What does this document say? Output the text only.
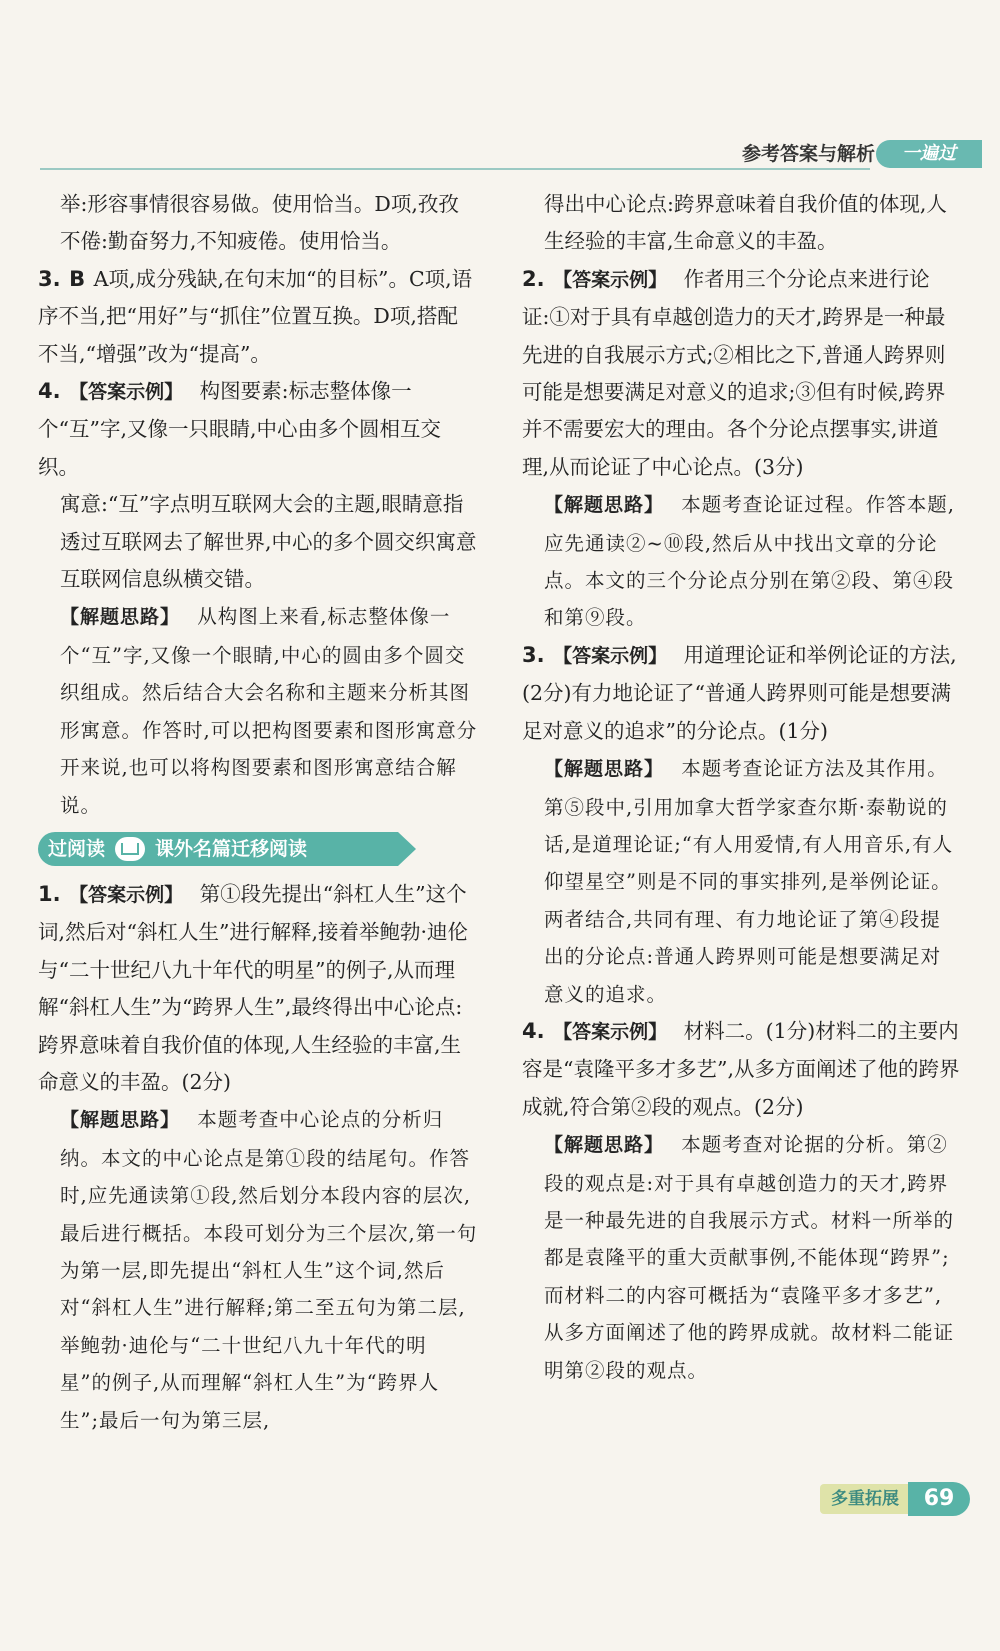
参考答案与解析	一遍过

举:形容事情很容易做。使用恰当。D项,孜孜不倦:勤奋努力,不知疲倦。使用恰当。

3. B A项,成分残缺,在句末加“的目标”。C项,语序不当,把“用好”与“抓住”位置互换。D项,搭配不当,“增强”改为“提高”。

4. 【答案示例】 构图要素:标志整体像一个“互”字,又像一只眼睛,中心由多个圆相互交织。

寓意:“互”字点明互联网大会的主题,眼睛意指透过互联网去了解世界,中心的多个圆交织寓意互联网信息纵横交错。

【解题思路】 从构图上来看,标志整体像一个“互”字,又像一个眼睛,中心的圆由多个圆交织组成。然后结合大会名称和主题来分析其图形寓意。作答时,可以把构图要素和图形寓意分开来说,也可以将构图要素和图形寓意结合解说。

过阅读	课外名篇迁移阅读

1. 【答案示例】 第①段先提出“斜杠人生”这个词,然后对“斜杠人生”进行解释,接着举鲍勃·迪伦与“二十世纪八九十年代的明星”的例子,从而理解“斜杠人生”为“跨界人生”,最终得出中心论点:跨界意味着自我价值的体现,人生经验的丰富,生命意义的丰盈。(2分)

【解题思路】 本题考查中心论点的分析归纳。本文的中心论点是第①段的结尾句。作答时,应先通读第①段,然后划分本段内容的层次,最后进行概括。本段可划分为三个层次,第一句为第一层,即先提出“斜杠人生”这个词,然后对“斜杠人生”进行解释;第二至五句为第二层,举鲍勃·迪伦与“二十世纪八九十年代的明星”的例子,从而理解“斜杠人生”为“跨界人生”;最后一句为第三层,

得出中心论点:跨界意味着自我价值的体现,人生经验的丰富,生命意义的丰盈。

2. 【答案示例】 作者用三个分论点来进行论证:①对于具有卓越创造力的天才,跨界是一种最先进的自我展示方式;②相比之下,普通人跨界则可能是想要满足对意义的追求;③但有时候,跨界并不需要宏大的理由。各个分论点摆事实,讲道理,从而论证了中心论点。(3分)

【解题思路】 本题考查论证过程。作答本题,应先通读②~⑩段,然后从中找出文章的分论点。本文的三个分论点分别在第②段、第④段和第⑨段。

3. 【答案示例】 用道理论证和举例论证的方法,(2分)有力地论证了“普通人跨界则可能是想要满足对意义的追求”的分论点。(1分)

【解题思路】 本题考查论证方法及其作用。第⑤段中,引用加拿大哲学家查尔斯·泰勒说的话,是道理论证;“有人用爱情,有人用音乐,有人仰望星空”则是不同的事实排列,是举例论证。两者结合,共同有理、有力地论证了第④段提出的分论点:普通人跨界则可能是想要满足对意义的追求。

4. 【答案示例】 材料二。(1分)材料二的主要内容是“袁隆平多才多艺”,从多方面阐述了他的跨界成就,符合第②段的观点。(2分)

【解题思路】 本题考查对论据的分析。第②段的观点是:对于具有卓越创造力的天才,跨界是一种最先进的自我展示方式。材料一所举的都是袁隆平的重大贡献事例,不能体现“跨界”;而材料二的内容可概括为“袁隆平多才多艺”,从多方面阐述了他的跨界成就。故材料二能证明第②段的观点。

多重拓展	69
